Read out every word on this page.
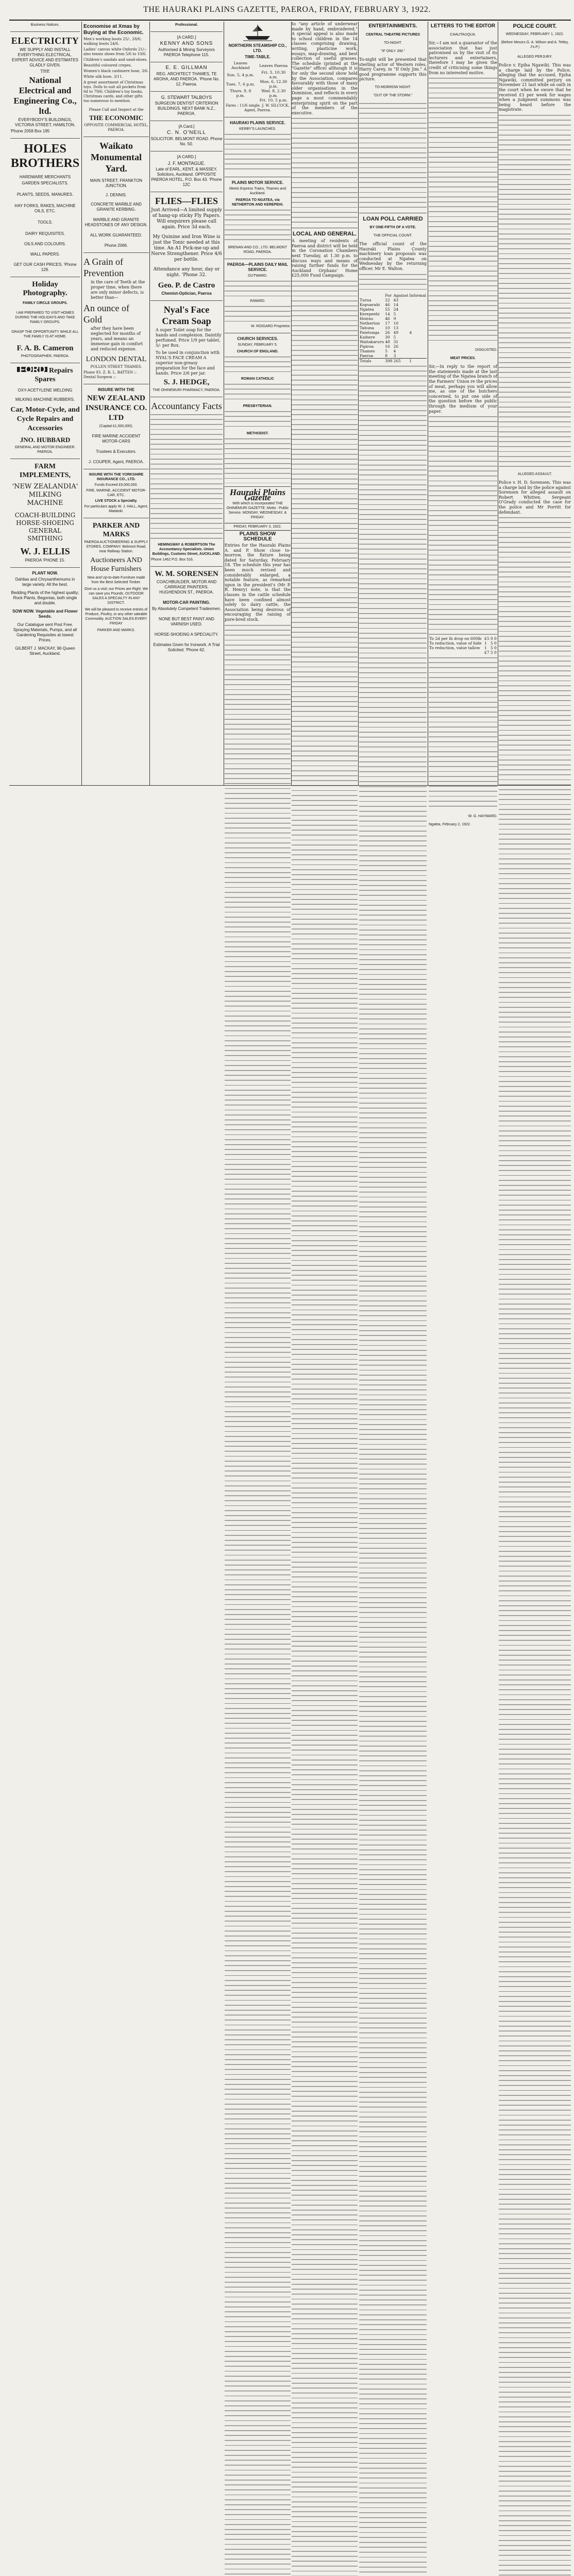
THE HAURAKI PLAINS GAZETTE, PAEROA, FRIDAY, FEBRUARY 3, 1922.

Business Notices.

ELECTRICITY

WE SUPPLY AND INSTALL EVERYTHING ELECTRICAL. EXPERT ADVICE AND ESTIMATES GLADLY GIVEN.

THE

National Electrical and Engineering Co., ltd.

EVERYBODY'S BUILDINGS, VICTORIA STREET, HAMILTON.

'Phone 2058 Box 195

HOLES BROTHERS

HARDWARE MERCHANTS

GARDEN SPECIALISTS.

PLANTS, SEEDS, MANURES.

HAY FORKS, RAKES, MACHINE OILS, ETC.

TOOLS.

DAIRY REQUISITES.

OILS AND COLOURS.

WALL PAPERS.

GET OUR CASH PRICES. 'Phone 129.

Holiday Photography.

FAMILY CIRCLE GROUPS.

I AM PREPARED TO VISIT HOMES DURING THE HOLIDAYS AND TAKE FAMILY GROUPS.

GRASP THE OPPORTUNITY WHILE ALL THE FAMILY IS AT HOME.

F. A. B. Cameron

PHOTOGRAPHER, PAEROA.

FORD Repairs Spares

OXY-ACETYLENE WELDING

MILKING MACHINE RUBBERS.

Car, Motor-Cycle, and Cycle Repairs and Accessories

JNO. HUBBARD

GENERAL AND MOTOR ENGINEER. PAEROA.

FARM IMPLEMENTS,

'NEW ZEALANDIA' MILKING MACHINE

COACH-BUILDING HORSE-SHOEING GENERAL SMITHING

W. J. ELLIS

PAEROA 'PHONE 15.

PLANT NOW.

Dahlias and Chrysanthemums in large variety. All the best.

Bedding Plants of the highest quality; Rock Plants, Begonias, both single and double.

SOW NOW. Vegetable and Flower Seeds.

Our Catalogue sent Post Free. Spraying Materials, Pumps, and all Gardening Requisites at lowest Prices.

GILBERT J. MACKAY, 96 Queen Street, Auckland.

Economise at Xmas by Buying at the Economic.

Men's working boots 25/-, 28/6; walking boots 24/6.

Ladies' canvas white Oxfords 21/-; also tennis shoes from 5/6 to 10/6.

Children's sandals and sand-shoes.

Beautiful coloured crepes.

Women's black cashmere hose, 3/6.

White silk hose, 3/11.

A great assortment of Christmas toys. Dolls to suit all pockets from 6d to 79/6; Children's toy books, Christmas cards, and other gifts too numerous to mention.

Please Call and Inspect at the

THE ECONOMIC

OPPOSITE COMMERCIAL HOTEL, PAEROA.

Waikato Monumental Yard.

MAIN STREET, FRANKTON JUNCTION.

J. DENNIS.

CONCRETE MARBLE AND GRANITE KERBING.

MARBLE AND GRANITE HEADSTONES OF ANY DESIGN.

ALL WORK GUARANTEED.

Phone 2066.

A Grain of Prevention

in the care of Teeth at the proper time, when there are only minor defects, is better than—

An ounce of Gold

after they have been neglected for months of years, and means an immense gain in comfort and reduced expense.

LONDON DENTAL

POLLEN STREET THAMES.

Phone 93. Z. R. L. BATTEN :: Dental Surgeon ::

INSURE WITH THE

NEW ZEALAND INSURANCE CO. LTD

(Capital £1,500,000).

FIRE MARINE ACCIDENT MOTOR-CARS

Trustees & Executors.

J. COUPER, Agent, PAEROA.

INSURE WITH THE YORKSHIRE INSURANCE CO., LTD.

Funds Exceed £9,000,000.

FIRE, MARINE, ACCIDENT MOTOR-CAR, ETC.

LIVE STOCK a Specialty.

For particulars apply W. J. HALL, Agent, Matatoki.

PARKER AND MARKS

PAEROA AUCTIONEERING & SUPPLY STORES, COMPANY. Belmont Road, near Railway Station.

Auctioneers AND House Furnishers

New and Up-to-date Furniture made from the Best Selected Timber.

Give us a visit; our Prices are Right. We can save you Pounds. OUTDOOR SALES A SPECIALTY IN ANY DISTRICT.

We will be pleased to receive entries of Produce, Poultry, or any other saleable Commodity. AUCTION SALES EVERY FRIDAY

PARKER AND MARKS.

Professional.

[A CARD.]

KENNY AND SONS

Authorised & Mining Surveyors PAEROA Telephone 115.

E. E. GILLMAN

REG. ARCHITECT THAMES, TE AROHA, AND PAEROA. 'Phone No. 12, Paeroa.

G. STEWART TALBOYS

SURGEON DENTIST CRITERION BUILDINGS. NEXT BANK N.Z., PAEROA.

[A Card.]

C. N. O'NEILL

SOLICITOR. BELMONT ROAD. Phone No. 50.

[A CARD.]

J. F. MONTAGUE.

Late of EARL, KENT, & MASSEY, Solicitors, Auckland. OPPOSITE PAEROA HOTEL, P.O. Box 43. 'Phone 12C

FLIES—FLIES

Just Arrived—A limited supply of hang-up sticky Fly Papers. Will enquirers please call again. Price 3d each.

My Quinine and Iron Wine is just the Tonic needed at this time. An A1 Pick-me-up and Nerve Strengthener. Price 4/6 per bottle.

Attendance any hour, day or night. 'Phone 32.

Geo. P. de Castro

Chemist-Optician, Paeroa

Nyal's Face Cream Soap

A super Toilet soap for the hands and complexion. Daintily perfumed. Price 1/9 per tablet, 5/- per Box.

To be used in conjunction with NYAL'S FACE CREAM A superior non-greasy preparation for the face and hands. Price 2/6 per jar.

S. J. HEDGE,

THE OHINEMURI PHARMACY, PAEROA.

Accountancy Facts

HEMINGWAY & ROBERTSON The Accountancy Specialists. Union Buildings, Customs Street, AUCKLAND.

'Phone 1462 P.O. Box 516.

W. M. SORENSEN

COACHBUILDER, MOTOR AND CARRIAGE PAINTERS. HUGHENDON ST., PAEROA.

MOTOR-CAR PAINTING.

By Absolutely Competent Tradesmen.

NONE BUT BEST PAINT AND VARNISH USED.

HORSE-SHOEING A SPECIALITY.

Estimates Given for Ironwork. A Trial Solicited. 'Phone 62.

NORTHERN STEAMSHIP CO., LTD.

TIME-TABLE.

Leaves Auckland	Leaves Paeroa
Sun. 5, 4 p.m.	Fri. 3, 10.30 a.m.
Tues. 7, 6 p.m.	Mon. 6, 12.30 p.m.
Thurs. 9, 8 p.m.	Wed. 8, 2.30 p.m.
	Fri. 10, 5 p.m.

Fares : 11/6 single. J. W. SILCOCK, Agent, Paeroa.

HAURAKI PLAINS SERVICE.

KERBY'S LAUNCHES.

PLAINS MOTOR SERVICE.

Meets Express Trains, Thames and Auckland.

PAEROA TO NGATEA, via NETHERTON AND KEREPEHI.

BRENAN AND CO., LTD. BELMONT ROAD, PAEROA.

PAEROA—PLAINS DAILY MAIL SERVICE.

OUTWARD.

INWARD.

W. ROIGARD Proprietor.

CHURCH SERVICES.

SUNDAY, FEBRUARY 5.

CHURCH OF ENGLAND.

ROMAN CATHOLIC

PRESBYTERIAN.

METHODIST.

Hauraki Plains Gazette

With which is incorporated THE OHINEMURI GAZETTE. Motto : Public Service. MONDAY, WEDNESDAY, & FRIDAY.

FRIDAY, FEBRUARY 3, 1922.

PLAINS SHOW SCHEDULE

Entries for the Hauraki Plains A. and P. Show close to-morrow, the fixture being dated for Saturday, February 18. The schedule this year has been much revised and considerably enlarged, a notable feature, as remarked upon in the president's (Mr P. R. Henry) note, is that the classes in the cattle schedule have been confined almost solely to dairy cattle, the Association being desirous of encouraging the raising of pure-bred stock.

to "any article of underwear made by hand, embroidered." A special appeal is also made to school children in the 14 classes comprising drawing, writing, plasticine work, essays, map-drawing, and best collection of useful grasses. The schedule (printed at the "Gazette" office) although it is for only the second show held by the Association, compares favourably with those of many older organisations in the Dominion, and reflects in every page a most commendably enterprising spirit on the part of the members of the executive.

LOCAL AND GENERAL.

A meeting of residents of Paeroa and district will be held in the Coronation Chambers next Tuesday, at 1.30 p.m. to discuss ways and means of raising further funds for the Auckland Orphans' Home £25,000 Fund Campaign.

ENTERTAINMENTS.

CENTRAL THEATRE PICTURES

TO-NIGHT.

"IF ONLY JIM."

To-night will be presented that sterling actor of Western roles, Harry Carey, in "If Only Jim." A good programme supports this picture.

TO-MORROW NIGHT.

"OUT OF THE STORM."

LOAN POLL CARRIED

BY ONE-FIFTH OF A VOTE.

THE OFFICIAL COUNT.

The official count of the Hauraki Plains County machinery loan proposals was conducted at Ngatea on Wednesday by the returning officer, Mr E. Walton.

	For	Against	Informal
Turua	22	43	
Kopuarahi	46	14	
Ngatea	55	24	
Kerepeehi	14	5	
Hoirau	46	9	
Netherton	17	10	
Tahuna	10	13	
Patetonga	26	49	4
Kaihere	30	5	
Waitakaruru	48	31	
Pipiroa	16	26	
Thames	5	4	
Paeroa	8	3	
Totals	398	265	1

LETTERS TO THE EDITOR

CHAUTAUQUA.

Sir,—I am not a guarantor of the association that has just patronised us by the visit of its lecturers and entertainers, therefore I may be given the credit of criticising some things from no interested motive.

DISGUSTED.

MEAT PRICES.

Sir,—In reply to the report of the statements made at the last meeting of the Ngatea branch of the Farmers' Union re the prices of meat, perhaps you will allow me, as one of the butchers concerned, to put one side of the question before the public through the medium of your paper.

To 2d per lb drop on 600lb	£5	0	0
To reduction, value of hide	1	5	0
To reduction, value tallow	1	5	0
	£7	5	0

W. G. HAYWARD.

Ngatea, February 2, 1922.

POLICE COURT.

WEDNESDAY, FEBRUARY 1, 1922.

(Before Messrs G. A. Wilson and A. Tetley, J's.P.)

ALLEGED PERJURY.

Police v. Epiha Ngawiki. This was a charge laid by the Police, alleging that the accused, Epiha Ngawiki, committed perjury on November 21 last while on oath in the court when he swore that he received £3 per week for wages when a judgment summons was being heard before the magistrate.

ALLEGED ASSAULT.

Police v. H. D. Sorensen. This was a charge laid by the police against Sorensen for alleged assault on Robert Whitten. Sergeant O'Grady conducted the case for the police and Mr Porritt for defendant.
